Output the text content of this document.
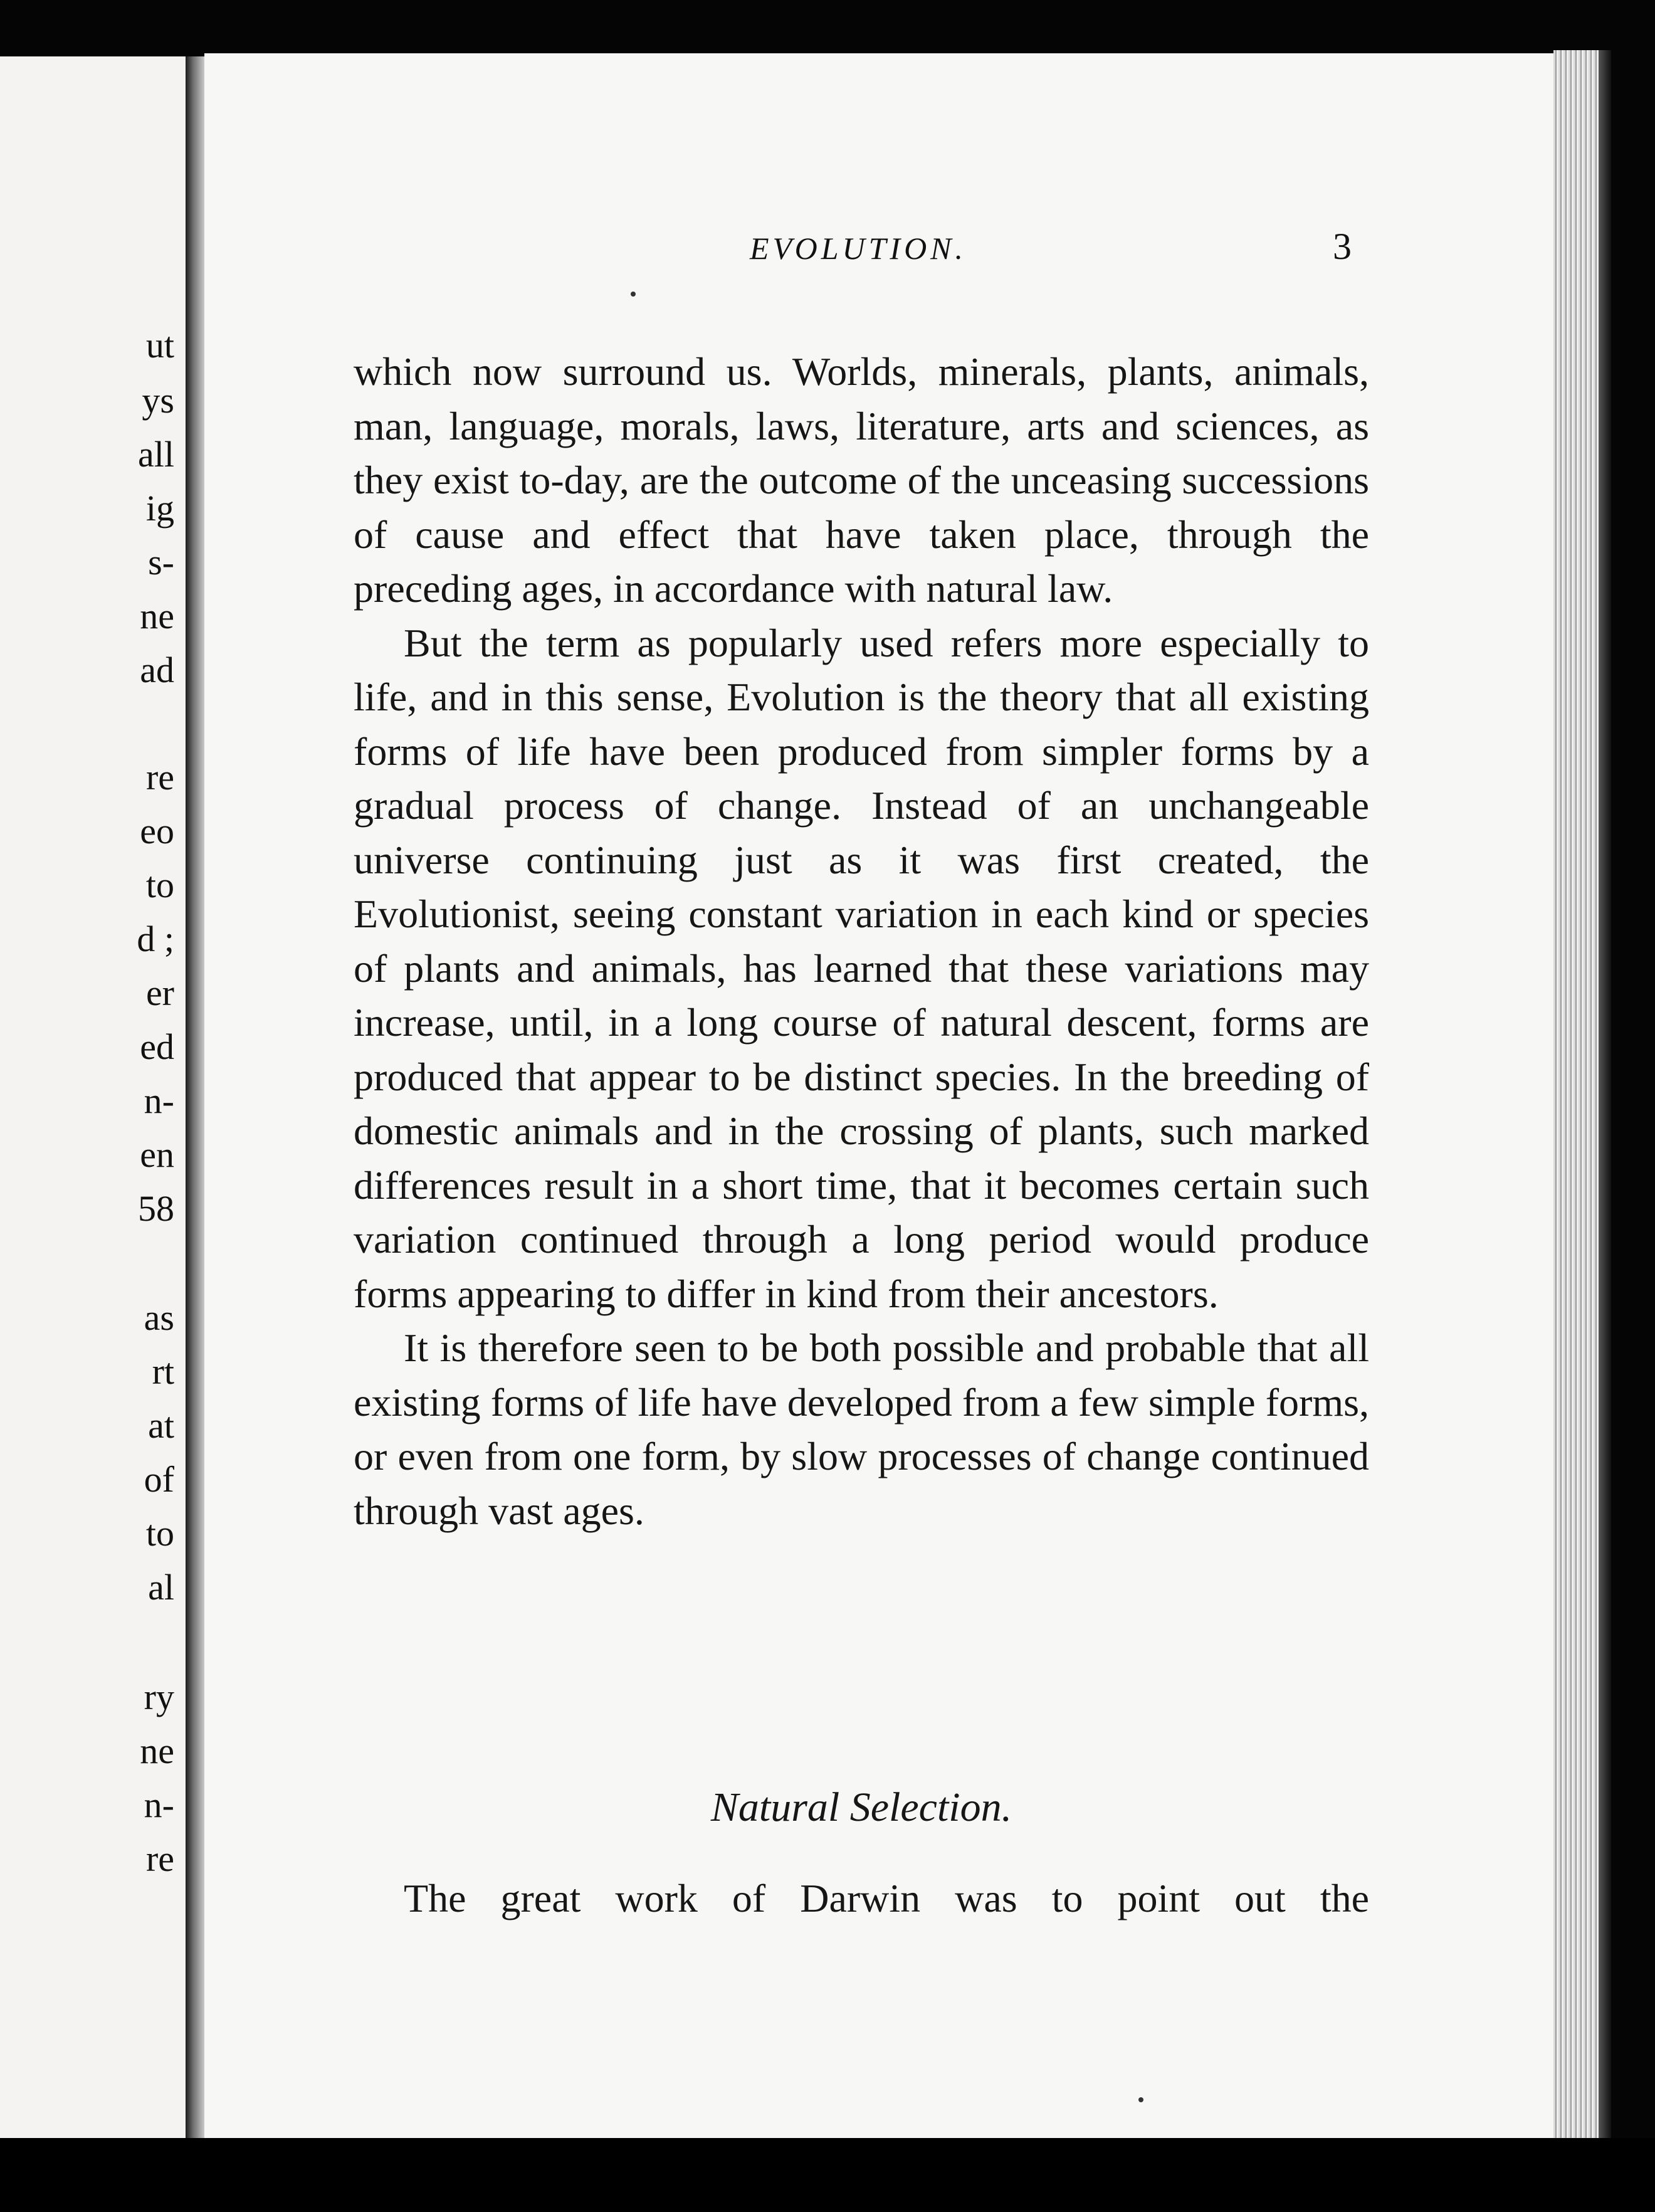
ut
ys
all
ig
s-
ne
ad
re
eo
to
d ;
er
ed
n-
en
58
as
rt
at
of
to
al
ry
ne
n-
re
EVOLUTION.	3

which now surround us. Worlds, minerals, plants, animals, man, language, morals, laws, literature, arts and sciences, as they exist to-day, are the outcome of the unceasing successions of cause and effect that have taken place, through the preceding ages, in accordance with natural law.

But the term as popularly used refers more especially to life, and in this sense, Evolution is the theory that all existing forms of life have been produced from simpler forms by a gradual process of change. Instead of an unchangeable universe continuing just as it was first created, the Evolutionist, seeing constant variation in each kind or species of plants and animals, has learned that these variations may increase, until, in a long course of natural descent, forms are produced that appear to be distinct species. In the breeding of domestic animals and in the crossing of plants, such marked differences result in a short time, that it becomes certain such variation continued through a long period would produce forms appearing to differ in kind from their ancestors.

It is therefore seen to be both possible and probable that all existing forms of life have developed from a few simple forms, or even from one form, by slow processes of change continued through vast ages.

Natural Selection.

The great work of Darwin was to point out the
